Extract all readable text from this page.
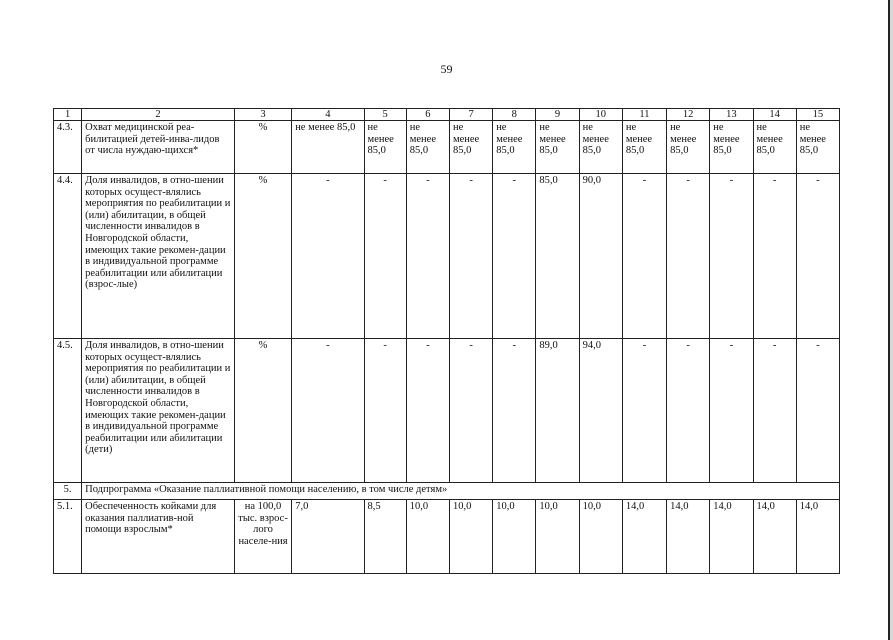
59
1	2	3	4	5	6	7	8	9	10	11	12	13	14	15
4.3.	Охват медицинской реа-билитацией детей-инва-лидов от числа нуждаю-щихся*	%	не менее 85,0	не менее 85,0	не менее 85,0	не менее 85,0	не менее 85,0	не менее 85,0	не менее 85,0	не менее 85,0	не менее 85,0	не менее 85,0	не менее 85,0	не менее 85,0
4.4.	Доля инвалидов, в отно-шении которых осущест-влялись мероприятия по реабилитации и (или) абилитации, в общей численности инвалидов в Новгородской области, имеющих такие рекомен-дации в индивидуальной программе реабилитации или абилитации (взрос-лые)	%	-	-	-	-	-	85,0	90,0	-	-	-	-	-
4.5.	Доля инвалидов, в отно-шении которых осущест-влялись мероприятия по реабилитации и (или) абилитации, в общей численности инвалидов в Новгородской области, имеющих такие рекомен-дации в индивидуальной программе реабилитации или абилитации (дети)	%	-	-	-	-	-	89,0	94,0	-	-	-	-	-
5.	Подпрограмма «Оказание паллиативной помощи населению, в том числе детям»													
5.1.	Обеспеченность койками для оказания паллиатив-ной помощи взрослым*	на 100,0 тыс. взрос-лого населе-ния	7,0	8,5	10,0	10,0	10,0	10,0	10,0	14,0	14,0	14,0	14,0	14,0
